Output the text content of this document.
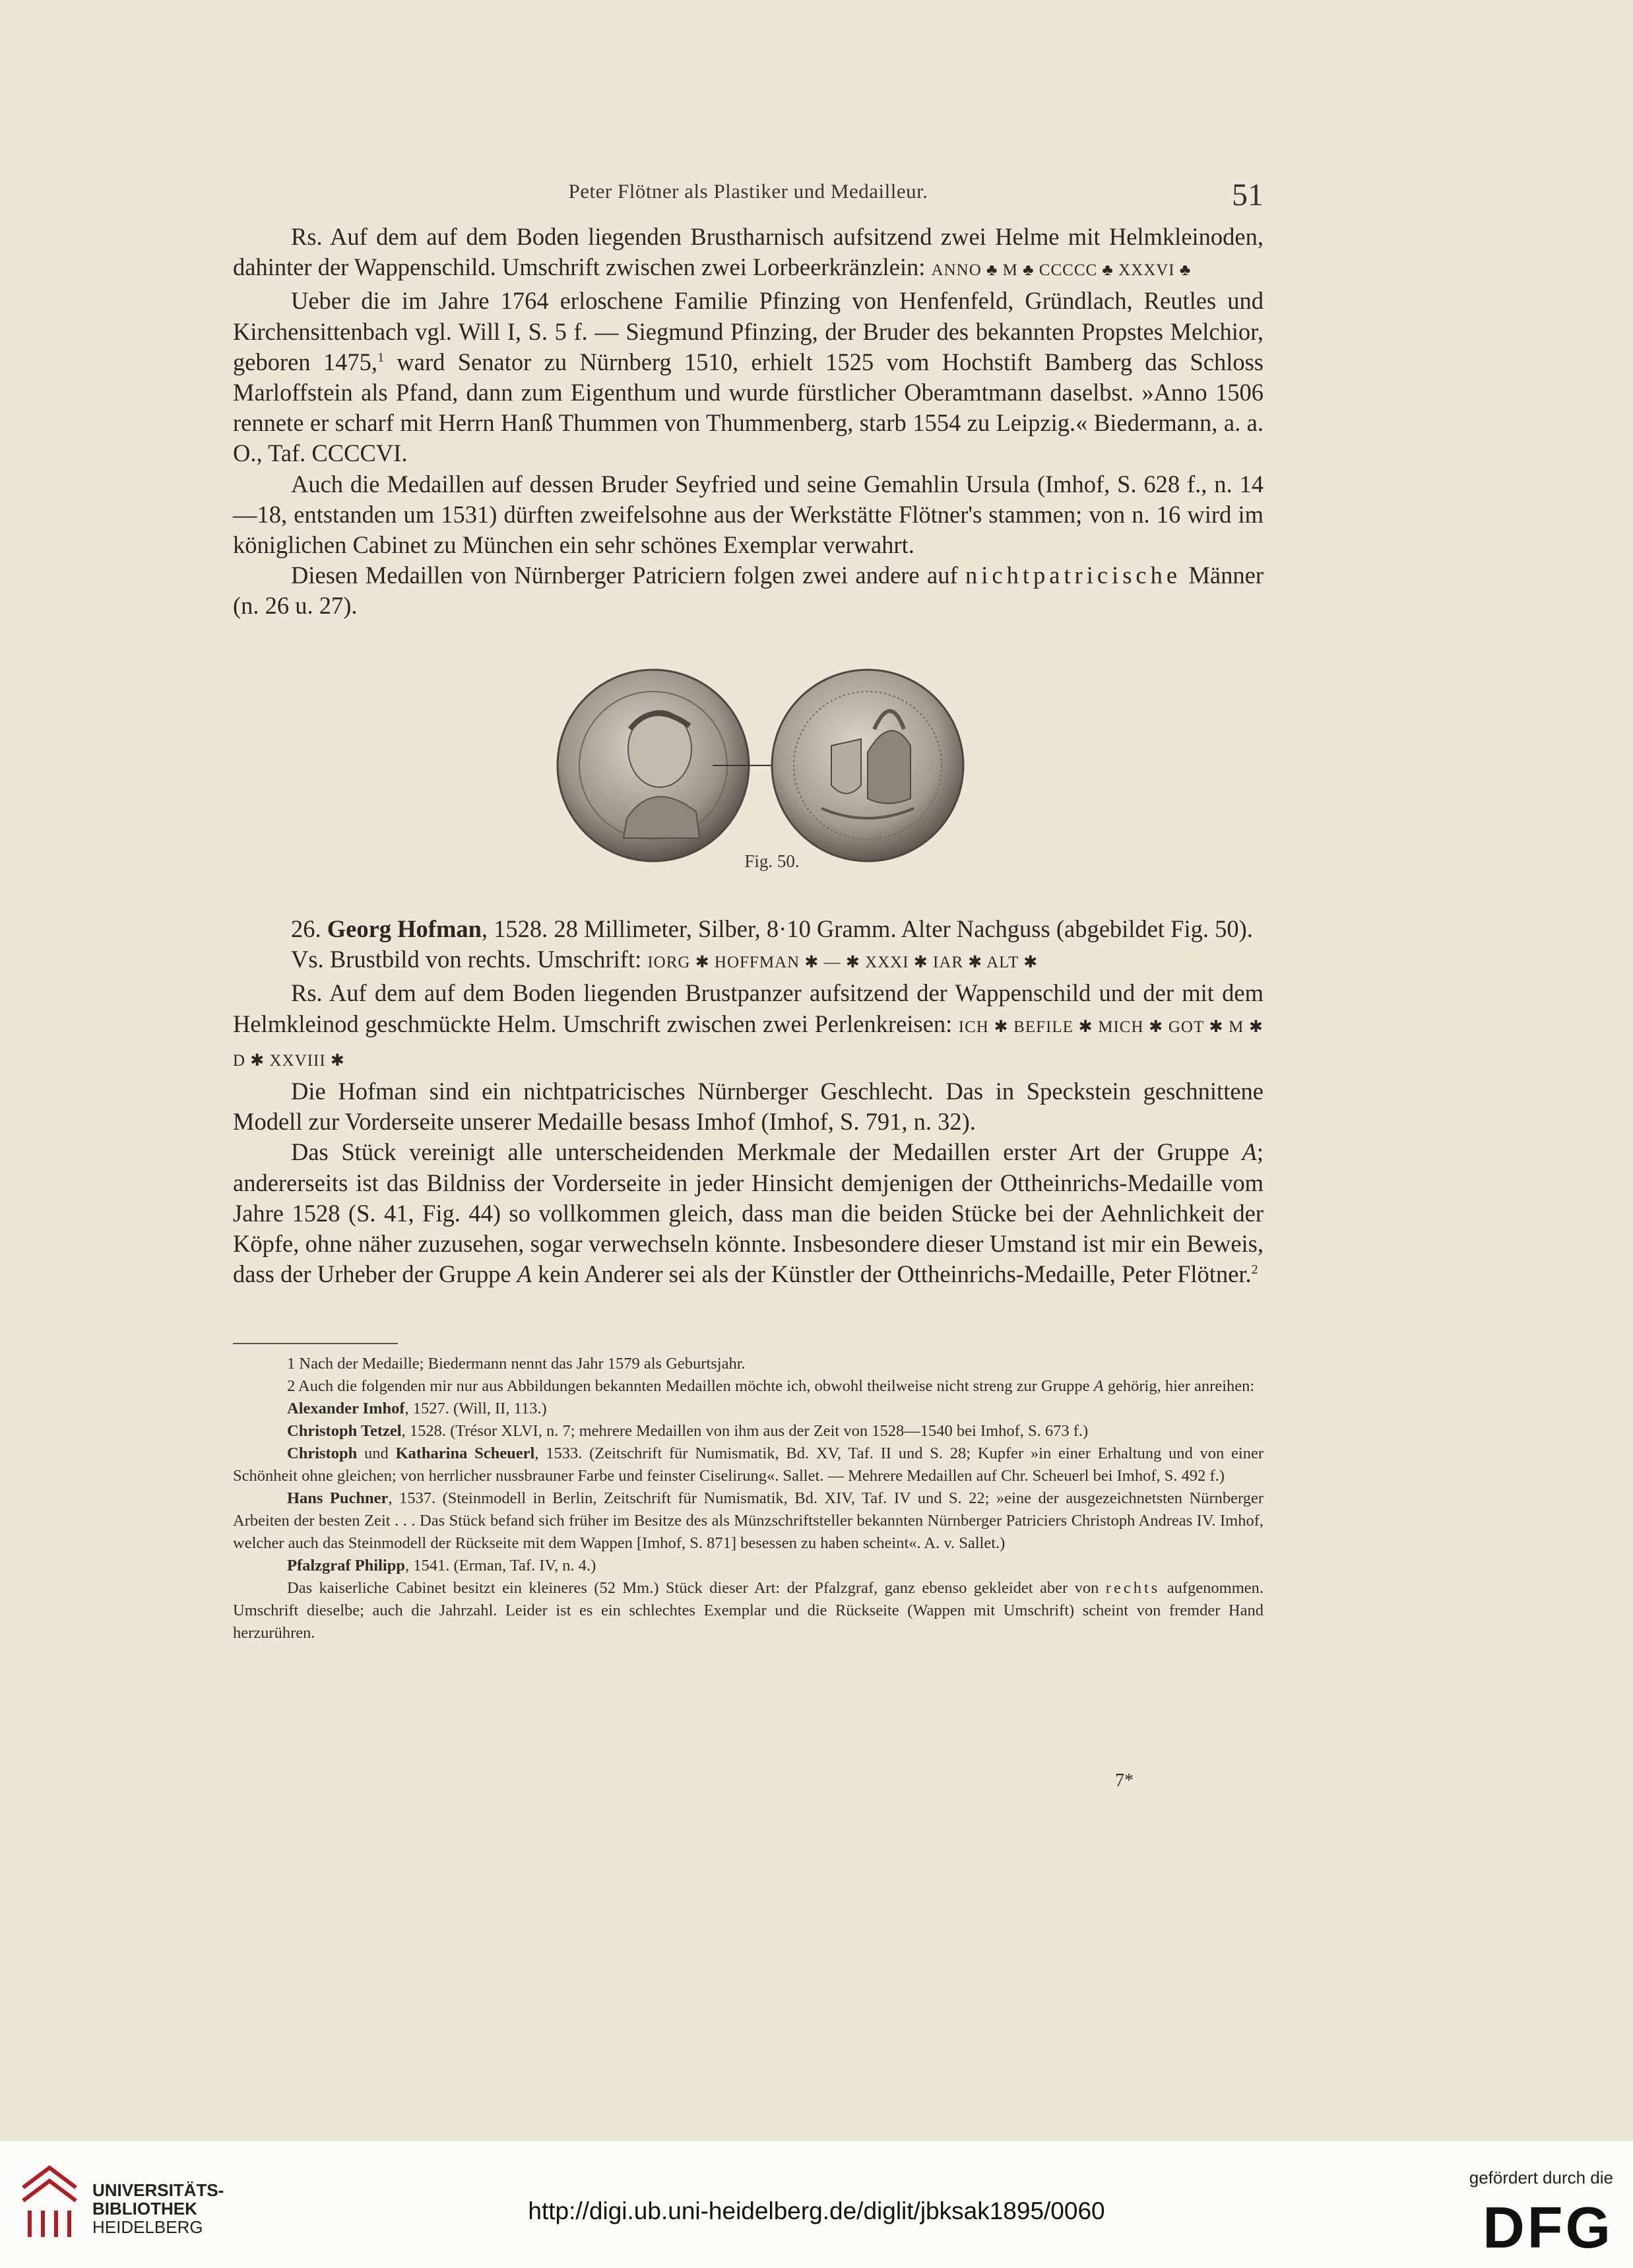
Peter Flötner als Plastiker und Medailleur.	51

Rs. Auf dem auf dem Boden liegenden Brustharnisch aufsitzend zwei Helme mit Helmkleinoden, dahinter der Wappenschild. Umschrift zwischen zwei Lorbeerkränzlein: ANNO ♣ M ♣ CCCCC ♣ XXXVI ♣

Ueber die im Jahre 1764 erloschene Familie Pfinzing von Henfenfeld, Gründlach, Reutles und Kirchensittenbach vgl. Will I, S. 5 f. — Siegmund Pfinzing, der Bruder des bekannten Propstes Melchior, geboren 1475,$^1$ ward Senator zu Nürnberg 1510, erhielt 1525 vom Hochstift Bamberg das Schloss Marloffstein als Pfand, dann zum Eigenthum und wurde fürstlicher Oberamtmann daselbst. »Anno 1506 rennete er scharf mit Herrn Hanß Thummen von Thummenberg, starb 1554 zu Leipzig.« Biedermann, a. a. O., Taf. CCCCVI.

Auch die Medaillen auf dessen Bruder Seyfried und seine Gemahlin Ursula (Imhof, S. 628 f., n. 14—18, entstanden um 1531) dürften zweifelsohne aus der Werkstätte Flötner's stammen; von n. 16 wird im königlichen Cabinet zu München ein sehr schönes Exemplar verwahrt.

Diesen Medaillen von Nürnberger Patriciern folgen zwei andere auf nichtpatricische Männer (n. 26 u. 27).

Fig. 50.

26. Georg Hofman, 1528. 28 Millimeter, Silber, 8·10 Gramm. Alter Nachguss (abgebildet Fig. 50).

Vs. Brustbild von rechts. Umschrift: IORG ✱ HOFFMAN ✱ — ✱ XXXI ✱ IAR ✱ ALT ✱

Rs. Auf dem auf dem Boden liegenden Brustpanzer aufsitzend der Wappenschild und der mit dem Helmkleinod geschmückte Helm. Umschrift zwischen zwei Perlenkreisen: ICH ✱ BEFILE ✱ MICH ✱ GOT ✱ M ✱ D ✱ XXVIII ✱

Die Hofman sind ein nichtpatricisches Nürnberger Geschlecht. Das in Speckstein geschnittene Modell zur Vorderseite unserer Medaille besass Imhof (Imhof, S. 791, n. 32).

Das Stück vereinigt alle unterscheidenden Merkmale der Medaillen erster Art der Gruppe A; andererseits ist das Bildniss der Vorderseite in jeder Hinsicht demjenigen der Ottheinrichs-Medaille vom Jahre 1528 (S. 41, Fig. 44) so vollkommen gleich, dass man die beiden Stücke bei der Aehnlichkeit der Köpfe, ohne näher zuzusehen, sogar verwechseln könnte. Insbesondere dieser Umstand ist mir ein Beweis, dass der Urheber der Gruppe A kein Anderer sei als der Künstler der Ottheinrichs-Medaille, Peter Flötner.$^2$

1 Nach der Medaille; Biedermann nennt das Jahr 1579 als Geburtsjahr.

2 Auch die folgenden mir nur aus Abbildungen bekannten Medaillen möchte ich, obwohl theilweise nicht streng zur Gruppe A gehörig, hier anreihen:

Alexander Imhof, 1527. (Will, II, 113.)

Christoph Tetzel, 1528. (Trésor XLVI, n. 7; mehrere Medaillen von ihm aus der Zeit von 1528—1540 bei Imhof, S. 673 f.)

Christoph und Katharina Scheuerl, 1533. (Zeitschrift für Numismatik, Bd. XV, Taf. II und S. 28; Kupfer »in einer Erhaltung und von einer Schönheit ohne gleichen; von herrlicher nussbrauner Farbe und feinster Ciselirung«. Sallet. — Mehrere Medaillen auf Chr. Scheuerl bei Imhof, S. 492 f.)

Hans Puchner, 1537. (Steinmodell in Berlin, Zeitschrift für Numismatik, Bd. XIV, Taf. IV und S. 22; »eine der ausgezeichnetsten Nürnberger Arbeiten der besten Zeit . . . Das Stück befand sich früher im Besitze des als Münzschriftsteller bekannten Nürnberger Patriciers Christoph Andreas IV. Imhof, welcher auch das Steinmodell der Rückseite mit dem Wappen [Imhof, S. 871] besessen zu haben scheint«. A. v. Sallet.)

Pfalzgraf Philipp, 1541. (Erman, Taf. IV, n. 4.)

Das kaiserliche Cabinet besitzt ein kleineres (52 Mm.) Stück dieser Art: der Pfalzgraf, ganz ebenso gekleidet aber von rechts aufgenommen. Umschrift dieselbe; auch die Jahrzahl. Leider ist es ein schlechtes Exemplar und die Rückseite (Wappen mit Umschrift) scheint von fremder Hand herzurühren.

7*
UNIVERSITÄTS-
BIBLIOTHEK
HEIDELBERG
http://digi.ub.uni-heidelberg.de/diglit/jbksak1895/0060
gefördert durch die
DFG
